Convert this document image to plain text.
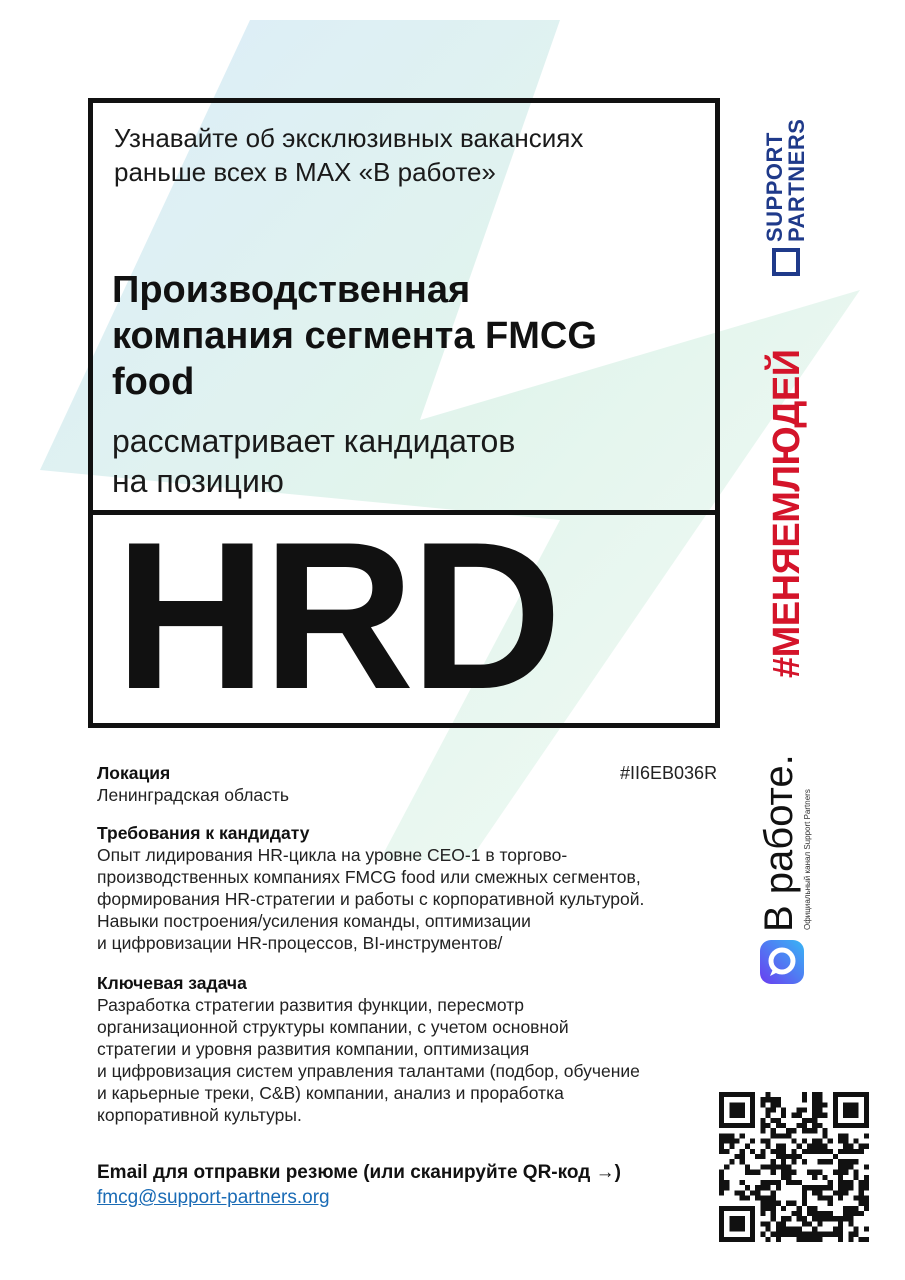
Узнавайте об эксклюзивных вакансиях
раньше всех в MAX «В работе»
Производственная
компания сегмента FMCG
food
рассматривает кандидатов
на позицию
HRD
SUPPORT
PARTNERS
#МЕНЯЕМЛЮДЕЙ
В работе. Официальный канал Support Partners
#II6EB036R
Локация

Ленинградская область

Требования к кандидату

Опыт лидирования HR-цикла на уровне CEO-1 в торгово-

производственных компаниях FMCG food или смежных сегментов,

формирования HR-стратегии и работы с корпоративной культурой.

Навыки построения/усиления команды, оптимизации

и цифровизации HR-процессов, BI-инструментов/

Ключевая задача

Разработка стратегии развития функции, пересмотр

организационной структуры компании, с учетом основной

стратегии и уровня развития компании, оптимизация

и цифровизация систем управления талантами (подбор, обучение

и карьерные треки, C&B) компании, анализ и проработка

корпоративной культуры.

Email для отправки резюме (или сканируйте QR-код →)
fmcg@support-partners.org
